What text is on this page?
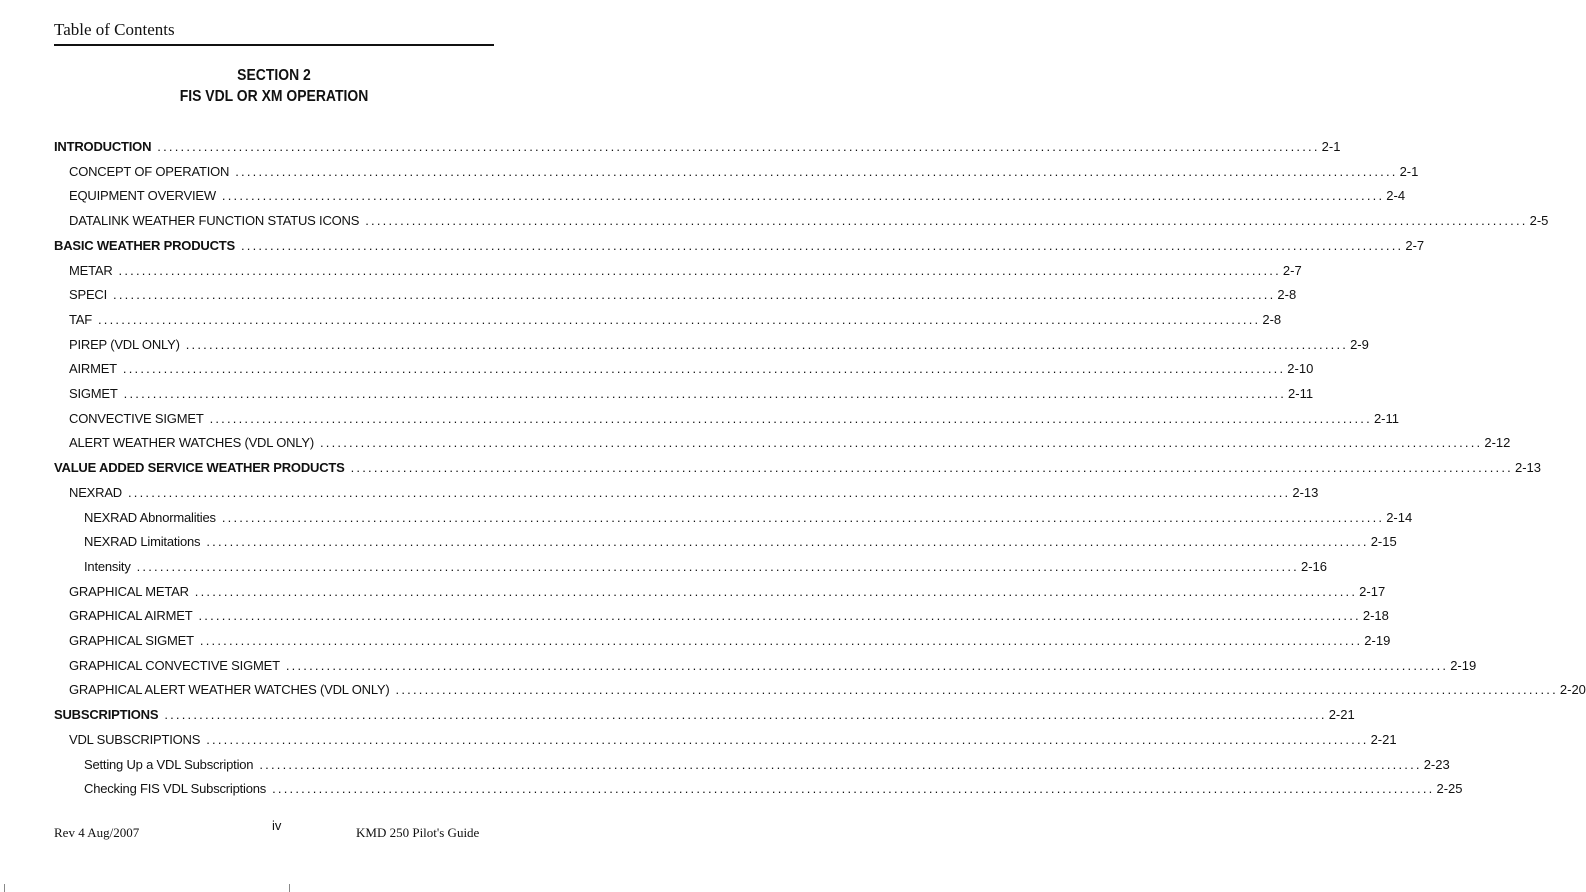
Table of Contents
SECTION 2
FIS VDL OR XM OPERATION
INTRODUCTION ........................................................................................................................................................................................................ 2-1
CONCEPT OF OPERATION ........................................................................................................................................................................................................ 2-1
EQUIPMENT OVERVIEW ........................................................................................................................................................................................................ 2-4
DATALINK WEATHER FUNCTION STATUS ICONS ........................................................................................................................................................................................................ 2-5
BASIC WEATHER PRODUCTS ........................................................................................................................................................................................................ 2-7
METAR ........................................................................................................................................................................................................ 2-7
SPECI ........................................................................................................................................................................................................ 2-8
TAF ........................................................................................................................................................................................................ 2-8
PIREP (VDL ONLY) ........................................................................................................................................................................................................ 2-9
AIRMET ........................................................................................................................................................................................................ 2-10
SIGMET ........................................................................................................................................................................................................ 2-11
CONVECTIVE SIGMET ........................................................................................................................................................................................................ 2-11
ALERT WEATHER WATCHES (VDL ONLY) ........................................................................................................................................................................................................ 2-12
VALUE ADDED SERVICE WEATHER PRODUCTS ........................................................................................................................................................................................................ 2-13
NEXRAD ........................................................................................................................................................................................................ 2-13
NEXRAD Abnormalities ........................................................................................................................................................................................................ 2-14
NEXRAD Limitations ........................................................................................................................................................................................................ 2-15
Intensity ........................................................................................................................................................................................................ 2-16
GRAPHICAL METAR ........................................................................................................................................................................................................ 2-17
GRAPHICAL AIRMET ........................................................................................................................................................................................................ 2-18
GRAPHICAL SIGMET ........................................................................................................................................................................................................ 2-19
GRAPHICAL CONVECTIVE SIGMET ........................................................................................................................................................................................................ 2-19
GRAPHICAL ALERT WEATHER WATCHES (VDL ONLY) ........................................................................................................................................................................................................ 2-20
SUBSCRIPTIONS ........................................................................................................................................................................................................ 2-21
VDL SUBSCRIPTIONS ........................................................................................................................................................................................................ 2-21
Setting Up a VDL Subscription ........................................................................................................................................................................................................ 2-23
Checking FIS VDL Subscriptions ........................................................................................................................................................................................................ 2-25
Rev 4 Aug/2007	iv	KMD 250 Pilot's Guide
